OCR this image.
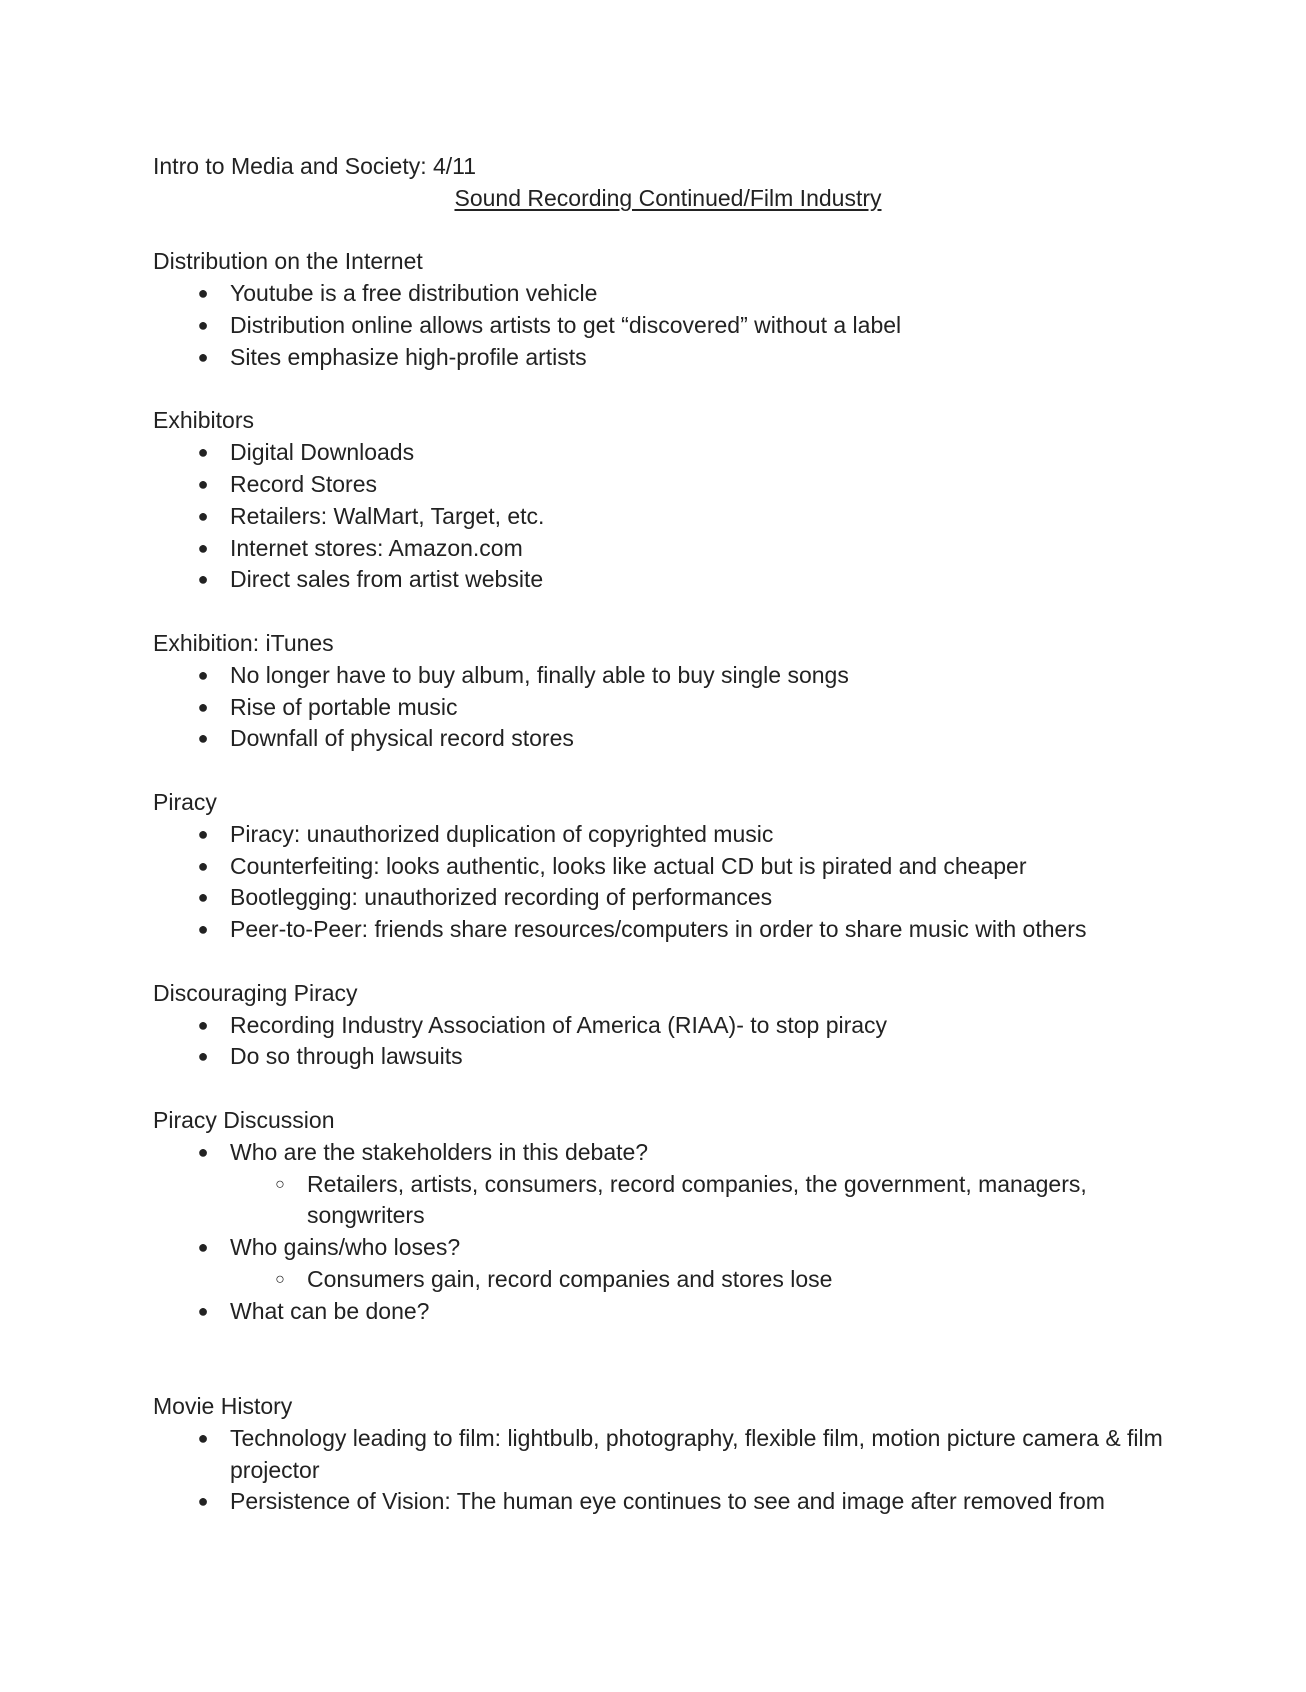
Intro to Media and Society: 4/11

Sound Recording Continued/Film Industry

Distribution on the Internet

● Youtube is a free distribution vehicle
● Distribution online allows artists to get “discovered” without a label
● Sites emphasize high-profile artists

Exhibitors

● Digital Downloads
● Record Stores
● Retailers: WalMart, Target, etc.
● Internet stores: Amazon.com
● Direct sales from artist website

Exhibition: iTunes

● No longer have to buy album, finally able to buy single songs
● Rise of portable music
● Downfall of physical record stores

Piracy

● Piracy: unauthorized duplication of copyrighted music
● Counterfeiting: looks authentic, looks like actual CD but is pirated and cheaper
● Bootlegging: unauthorized recording of performances
● Peer-to-Peer: friends share resources/computers in order to share music with others

Discouraging Piracy

● Recording Industry Association of America (RIAA)- to stop piracy
● Do so through lawsuits

Piracy Discussion

● Who are the stakeholders in this debate?
○ Retailers, artists, consumers, record companies, the government, managers, songwriters
● Who gains/who loses?
○ Consumers gain, record companies and stores lose
● What can be done?

Movie History

● Technology leading to film: lightbulb, photography, flexible film, motion picture camera & film projector
● Persistence of Vision: The human eye continues to see and image after removed from
